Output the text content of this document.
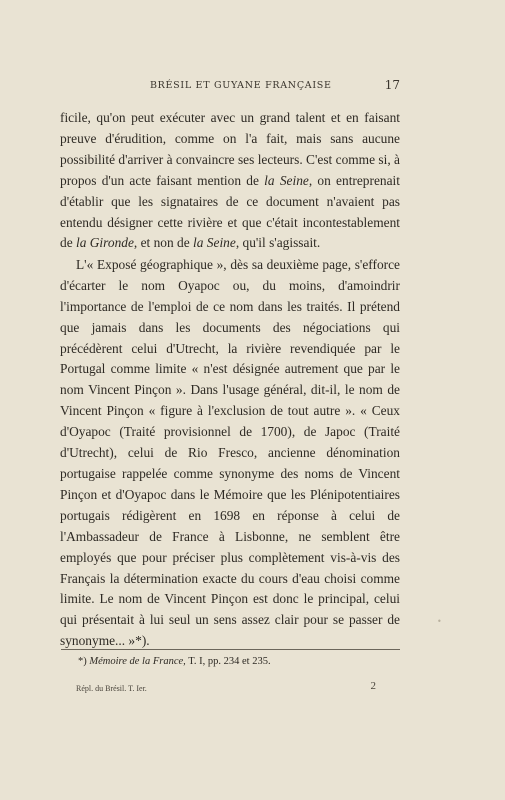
BRÉSIL ET GUYANE FRANÇAISE	17

ficile, qu'on peut exécuter avec un grand talent et en faisant preuve d'érudition, comme on l'a fait, mais sans aucune possibilité d'arriver à convaincre ses lecteurs. C'est comme si, à propos d'un acte faisant mention de la Seine, on entreprenait d'établir que les signataires de ce document n'avaient pas entendu désigner cette rivière et que c'était incontestablement de la Gironde, et non de la Seine, qu'il s'agissait.

L'« Exposé géographique », dès sa deuxième page, s'efforce d'écarter le nom Oyapoc ou, du moins, d'amoindrir l'importance de l'emploi de ce nom dans les traités. Il prétend que jamais dans les documents des négociations qui précédèrent celui d'Utrecht, la rivière revendiquée par le Portugal comme limite « n'est désignée autrement que par le nom Vincent Pinçon ». Dans l'usage général, dit-il, le nom de Vincent Pinçon « figure à l'exclusion de tout autre ». « Ceux d'Oyapoc (Traité provisionnel de 1700), de Japoc (Traité d'Utrecht), celui de Rio Fresco, ancienne dénomination portugaise rappelée comme synonyme des noms de Vincent Pinçon et d'Oyapoc dans le Mémoire que les Plénipotentiaires portugais rédigèrent en 1698 en réponse à celui de l'Ambassadeur de France à Lisbonne, ne semblent être employés que pour préciser plus complètement vis-à-vis des Français la détermination exacte du cours d'eau choisi comme limite. Le nom de Vincent Pinçon est donc le principal, celui qui présentait à lui seul un sens assez clair pour se passer de synonyme... »*).

*) Mémoire de la France, T. I, pp. 234 et 235.
Répl. du Brésil. T. Ier.	2
•
